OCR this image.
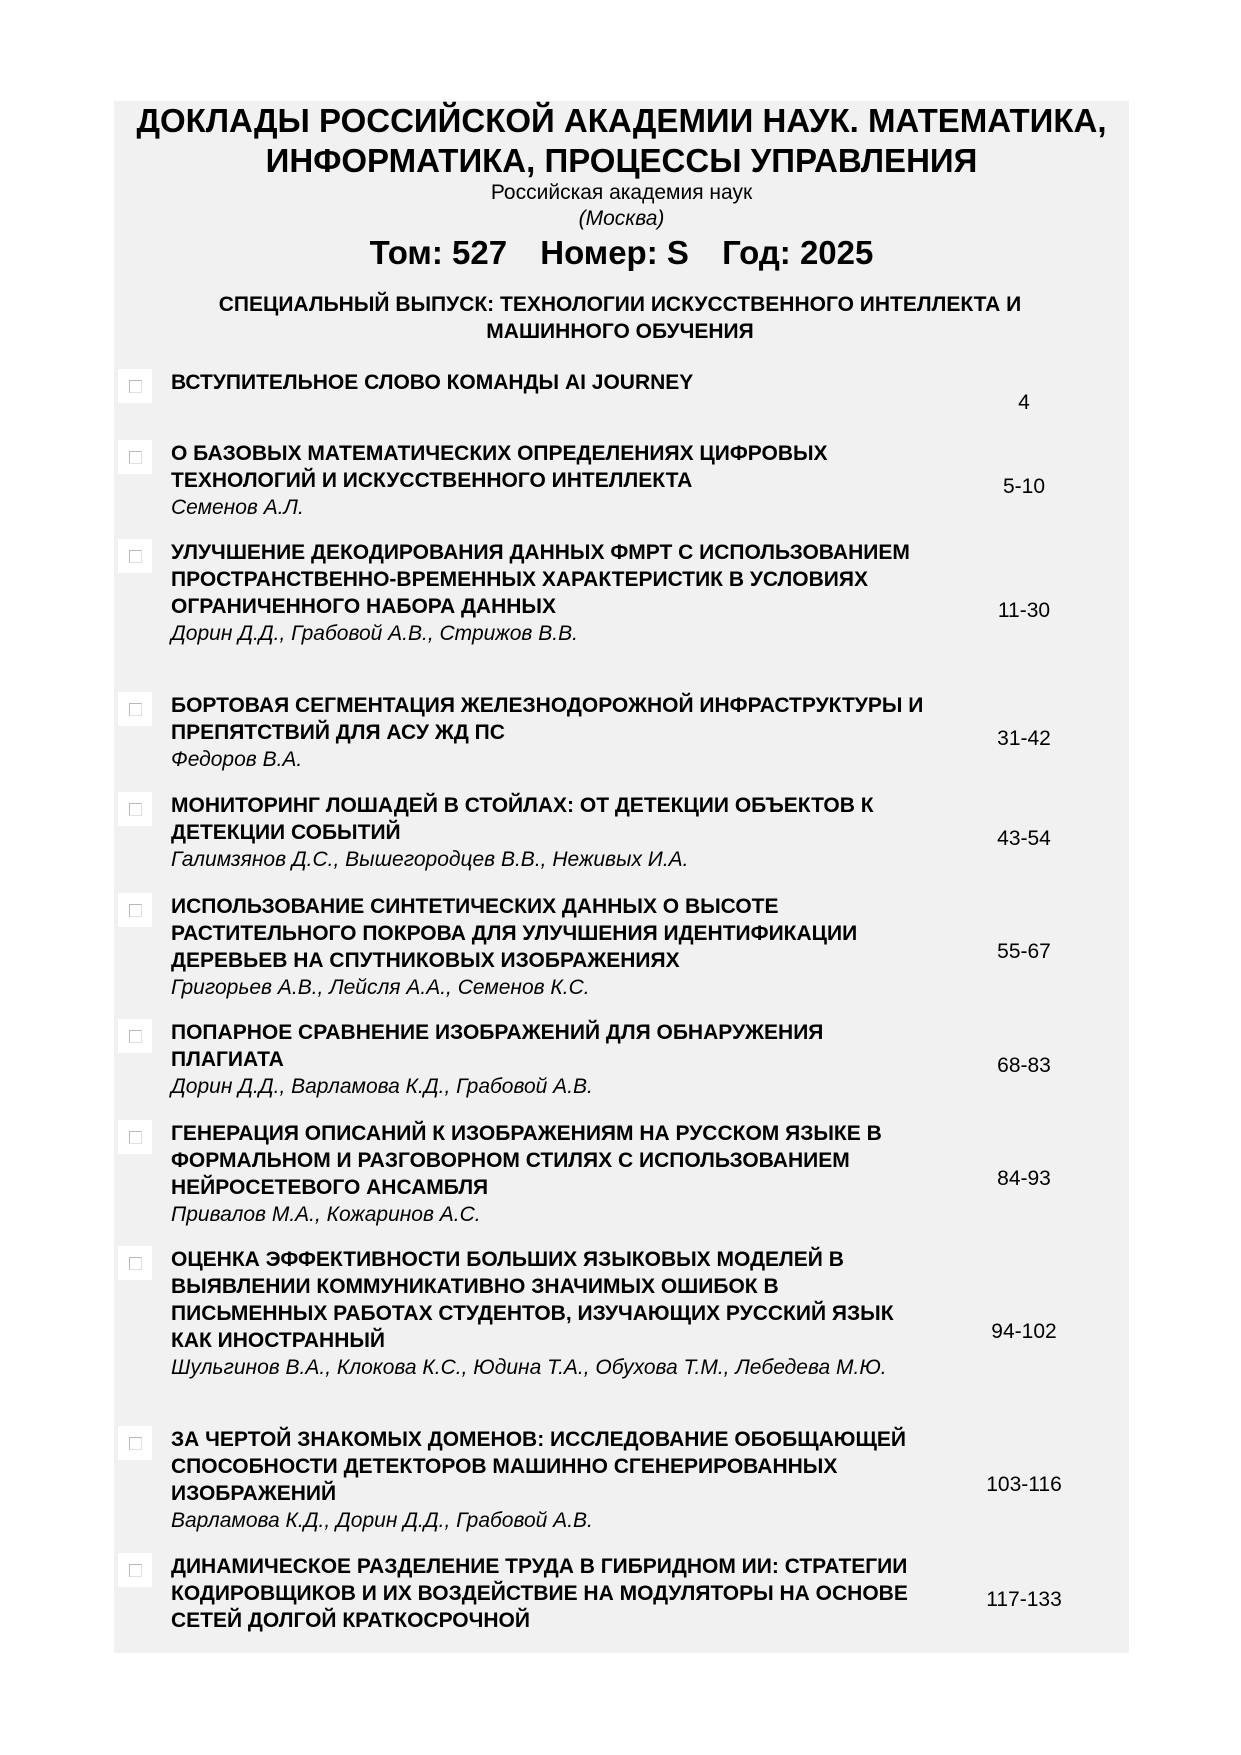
ДОКЛАДЫ РОССИЙСКОЙ АКАДЕМИИ НАУК. МАТЕМАТИКА, ИНФОРМАТИКА, ПРОЦЕССЫ УПРАВЛЕНИЯ
Российская академия наук
(Москва)
Том: 527 Номер: S Год: 2025
СПЕЦИАЛЬНЫЙ ВЫПУСК: ТЕХНОЛОГИИ ИСКУССТВЕННОГО ИНТЕЛЛЕКТА И МАШИННОГО ОБУЧЕНИЯ
ВСТУПИТЕЛЬНОЕ СЛОВО КОМАНДЫ AI JOURNEY
4
О БАЗОВЫХ МАТЕМАТИЧЕСКИХ ОПРЕДЕЛЕНИЯХ ЦИФРОВЫХ ТЕХНОЛОГИЙ И ИСКУССТВЕННОГО ИНТЕЛЛЕКТА
Семенов А.Л.
5-10
УЛУЧШЕНИЕ ДЕКОДИРОВАНИЯ ДАННЫХ ФМРТ С ИСПОЛЬЗОВАНИЕМ ПРОСТРАНСТВЕННО-ВРЕМЕННЫХ ХАРАКТЕРИСТИК В УСЛОВИЯХ ОГРАНИЧЕННОГО НАБОРА ДАННЫХ
Дорин Д.Д., Грабовой А.В., Стрижов В.В.
11-30
БОРТОВАЯ СЕГМЕНТАЦИЯ ЖЕЛЕЗНОДОРОЖНОЙ ИНФРАСТРУКТУРЫ И ПРЕПЯТСТВИЙ ДЛЯ АСУ ЖД ПС
Федоров В.А.
31-42
МОНИТОРИНГ ЛОШАДЕЙ В СТОЙЛАХ: ОТ ДЕТЕКЦИИ ОБЪЕКТОВ К ДЕТЕКЦИИ СОБЫТИЙ
Галимзянов Д.С., Вышегородцев В.В., Неживых И.А.
43-54
ИСПОЛЬЗОВАНИЕ СИНТЕТИЧЕСКИХ ДАННЫХ О ВЫСОТЕ РАСТИТЕЛЬНОГО ПОКРОВА ДЛЯ УЛУЧШЕНИЯ ИДЕНТИФИКАЦИИ ДЕРЕВЬЕВ НА СПУТНИКОВЫХ ИЗОБРАЖЕНИЯХ
Григорьев А.В., Лейсля А.А., Семенов К.С.
55-67
ПОПАРНОЕ СРАВНЕНИЕ ИЗОБРАЖЕНИЙ ДЛЯ ОБНАРУЖЕНИЯ ПЛАГИАТА
Дорин Д.Д., Варламова К.Д., Грабовой А.В.
68-83
ГЕНЕРАЦИЯ ОПИСАНИЙ К ИЗОБРАЖЕНИЯМ НА РУССКОМ ЯЗЫКЕ В ФОРМАЛЬНОМ И РАЗГОВОРНОМ СТИЛЯХ С ИСПОЛЬЗОВАНИЕМ НЕЙРОСЕТЕВОГО АНСАМБЛЯ
Привалов М.А., Кожаринов А.С.
84-93
ОЦЕНКА ЭФФЕКТИВНОСТИ БОЛЬШИХ ЯЗЫКОВЫХ МОДЕЛЕЙ В ВЫЯВЛЕНИИ КОММУНИКАТИВНО ЗНАЧИМЫХ ОШИБОК В ПИСЬМЕННЫХ РАБОТАХ СТУДЕНТОВ, ИЗУЧАЮЩИХ РУССКИЙ ЯЗЫК КАК ИНОСТРАННЫЙ
Шульгинов В.А., Клокова К.С., Юдина Т.А., Обухова Т.М., Лебедева М.Ю.
94-102
ЗА ЧЕРТОЙ ЗНАКОМЫХ ДОМЕНОВ: ИССЛЕДОВАНИЕ ОБОБЩАЮЩЕЙ СПОСОБНОСТИ ДЕТЕКТОРОВ МАШИННО СГЕНЕРИРОВАННЫХ ИЗОБРАЖЕНИЙ
Варламова К.Д., Дорин Д.Д., Грабовой А.В.
103-116
ДИНАМИЧЕСКОЕ РАЗДЕЛЕНИЕ ТРУДА В ГИБРИДНОМ ИИ: СТРАТЕГИИ КОДИРОВЩИКОВ И ИХ ВОЗДЕЙСТВИЕ НА МОДУЛЯТОРЫ НА ОСНОВЕ СЕТЕЙ ДОЛГОЙ КРАТКОСРОЧНОЙ
117-133
